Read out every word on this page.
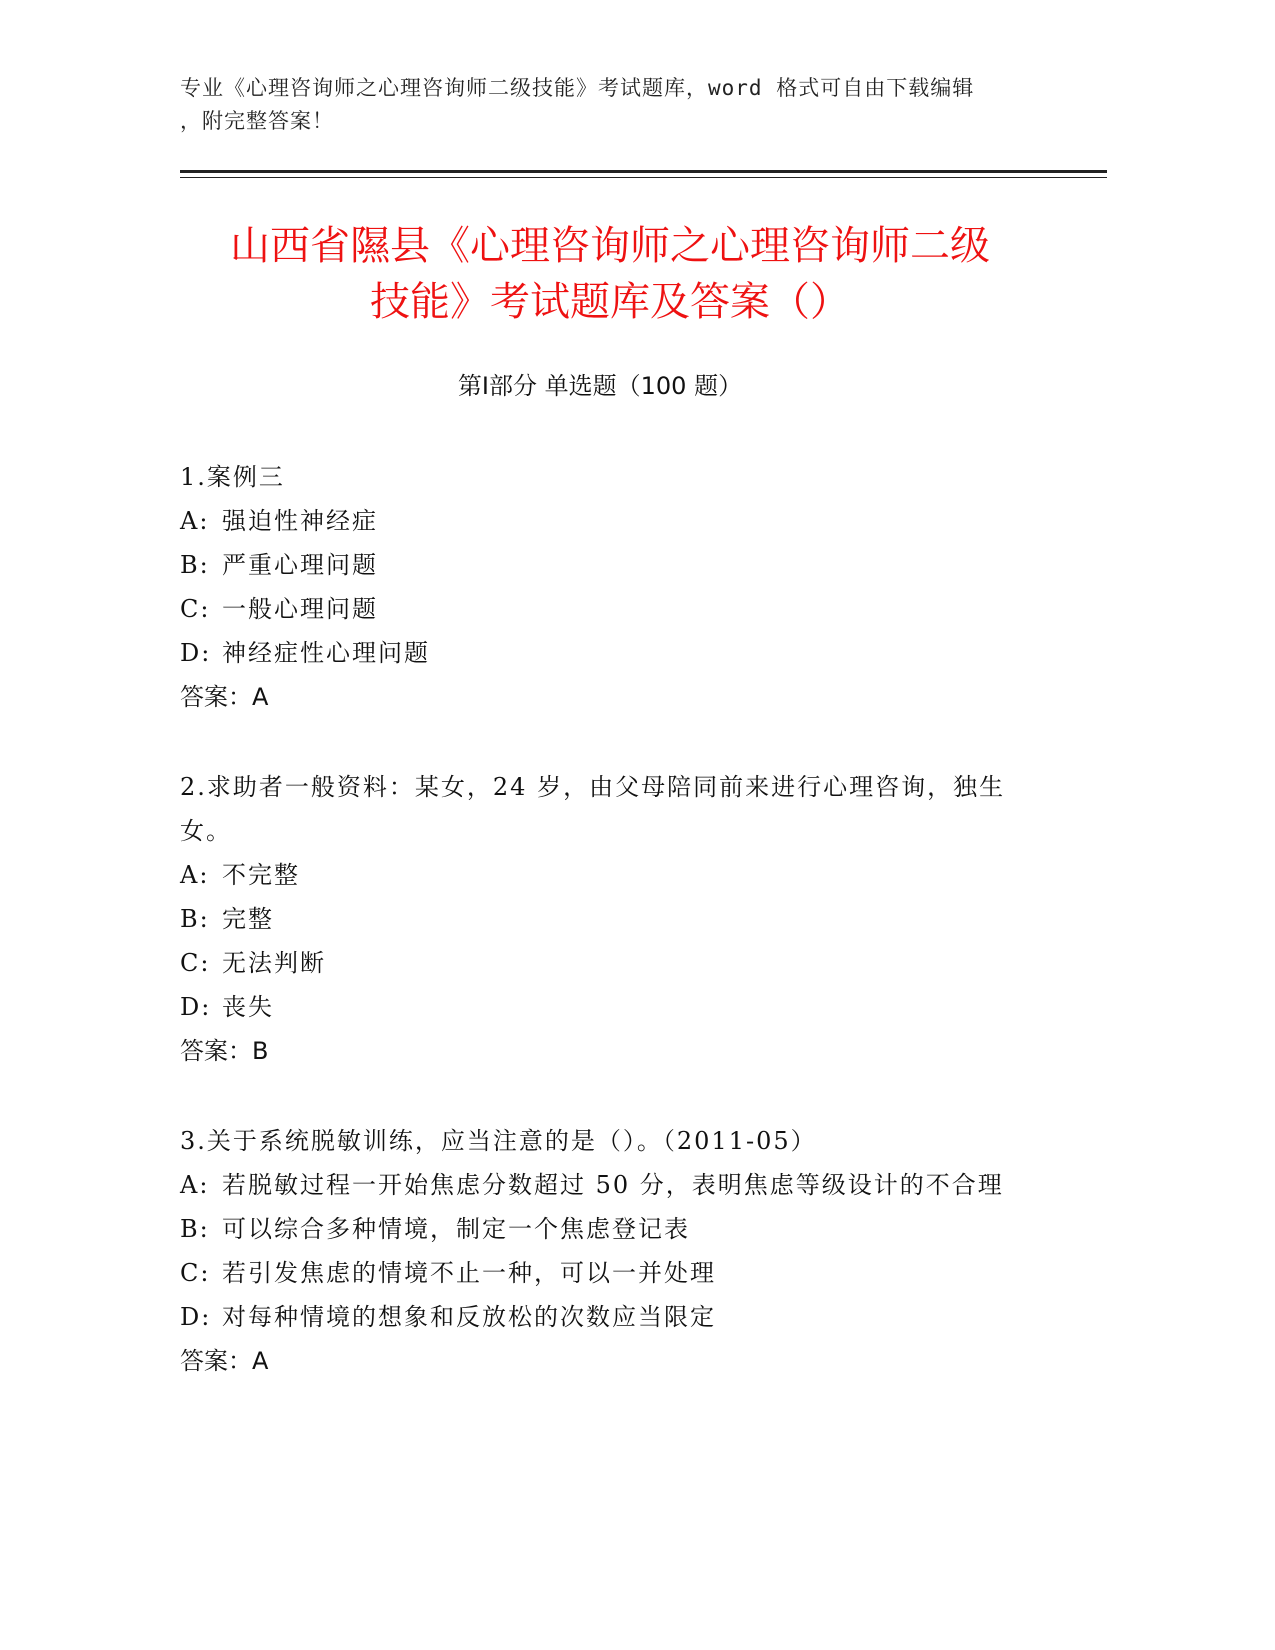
专业《心理咨询师之心理咨询师二级技能》考试题库，word 格式可自由下载编辑
，附完整答案！
山西省隰县《心理咨询师之心理咨询师二级
技能》考试题库及答案（）
第Ⅰ部分 单选题（100 题）

1.案例三

A: 强迫性神经症

B: 严重心理问题

C: 一般心理问题

D: 神经症性心理问题

答案：A

2.求助者一般资料：某女，24 岁，由父母陪同前来进行心理咨询，独生女。

A: 不完整

B: 完整

C: 无法判断

D: 丧失

答案：B

3.关于系统脱敏训练，应当注意的是（）。（2011-05）

A: 若脱敏过程一开始焦虑分数超过 50 分，表明焦虑等级设计的不合理

B: 可以综合多种情境，制定一个焦虑登记表

C: 若引发焦虑的情境不止一种，可以一并处理

D: 对每种情境的想象和反放松的次数应当限定

答案：A
